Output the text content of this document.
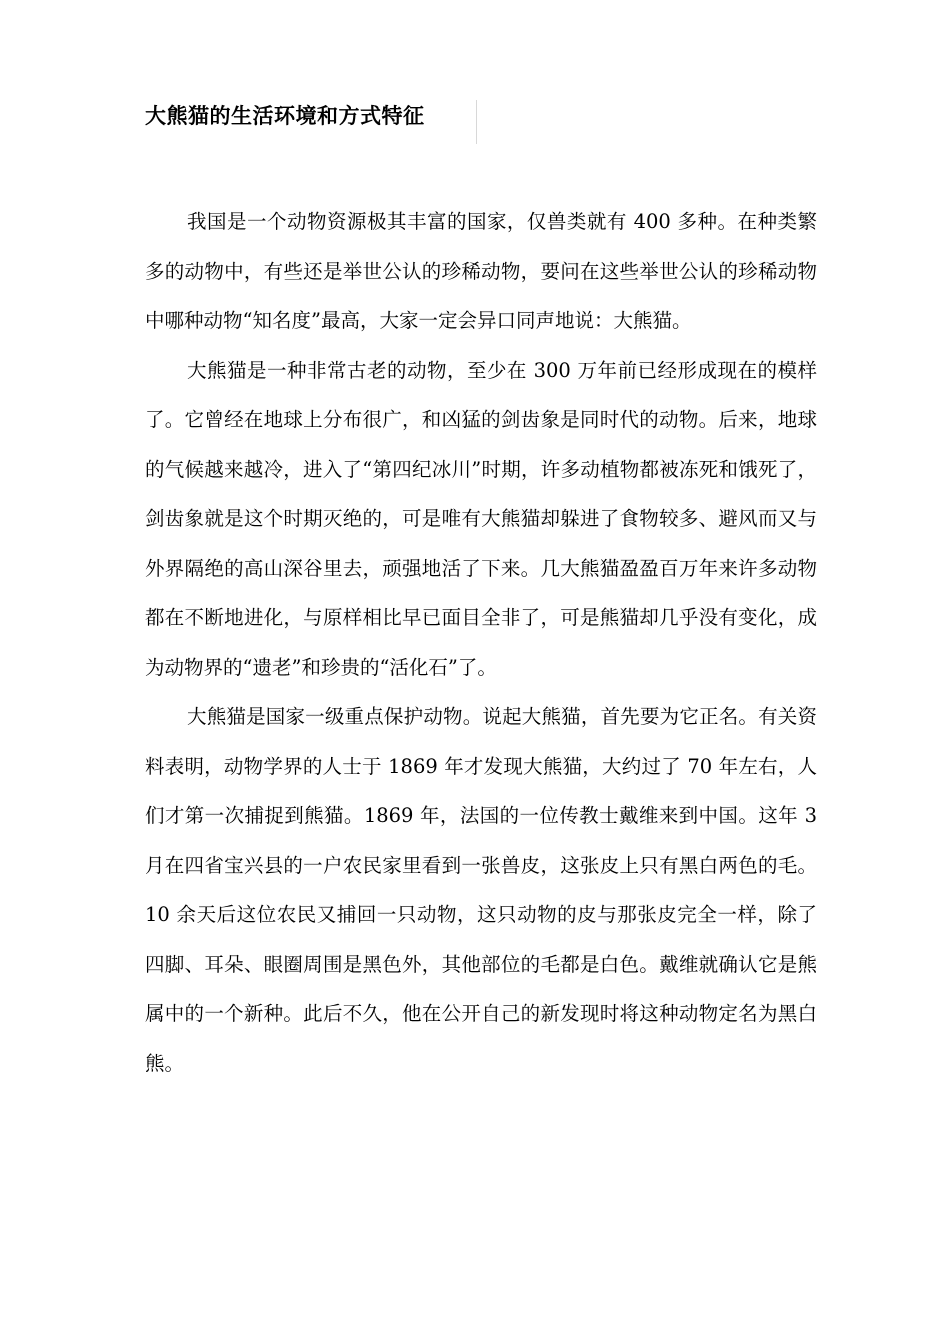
大熊猫的生活环境和方式特征

我国是一个动物资源极其丰富的国家，仅兽类就有 400 多种。在种类繁多的动物中，有些还是举世公认的珍稀动物，要问在这些举世公认的珍稀动物中哪种动物“知名度”最高，大家一定会异口同声地说：大熊猫。

大熊猫是一种非常古老的动物，至少在 300 万年前已经形成现在的模样了。它曾经在地球上分布很广，和凶猛的剑齿象是同时代的动物。后来，地球的气候越来越冷，进入了“第四纪冰川”时期，许多动植物都被冻死和饿死了，剑齿象就是这个时期灭绝的，可是唯有大熊猫却躲进了食物较多、避风而又与外界隔绝的高山深谷里去，顽强地活了下来。几大熊猫盈盈百万年来许多动物都在不断地进化，与原样相比早已面目全非了，可是熊猫却几乎没有变化，成为动物界的“遗老”和珍贵的“活化石”了。

大熊猫是国家一级重点保护动物。说起大熊猫，首先要为它正名。有关资料表明，动物学界的人士于 1869 年才发现大熊猫，大约过了 70 年左右，人们才第一次捕捉到熊猫。1869 年，法国的一位传教士戴维来到中国。这年 3 月在四省宝兴县的一户农民家里看到一张兽皮，这张皮上只有黑白两色的毛。10 余天后这位农民又捕回一只动物，这只动物的皮与那张皮完全一样，除了四脚、耳朵、眼圈周围是黑色外，其他部位的毛都是白色。戴维就确认它是熊属中的一个新种。此后不久，他在公开自己的新发现时将这种动物定名为黑白熊。
